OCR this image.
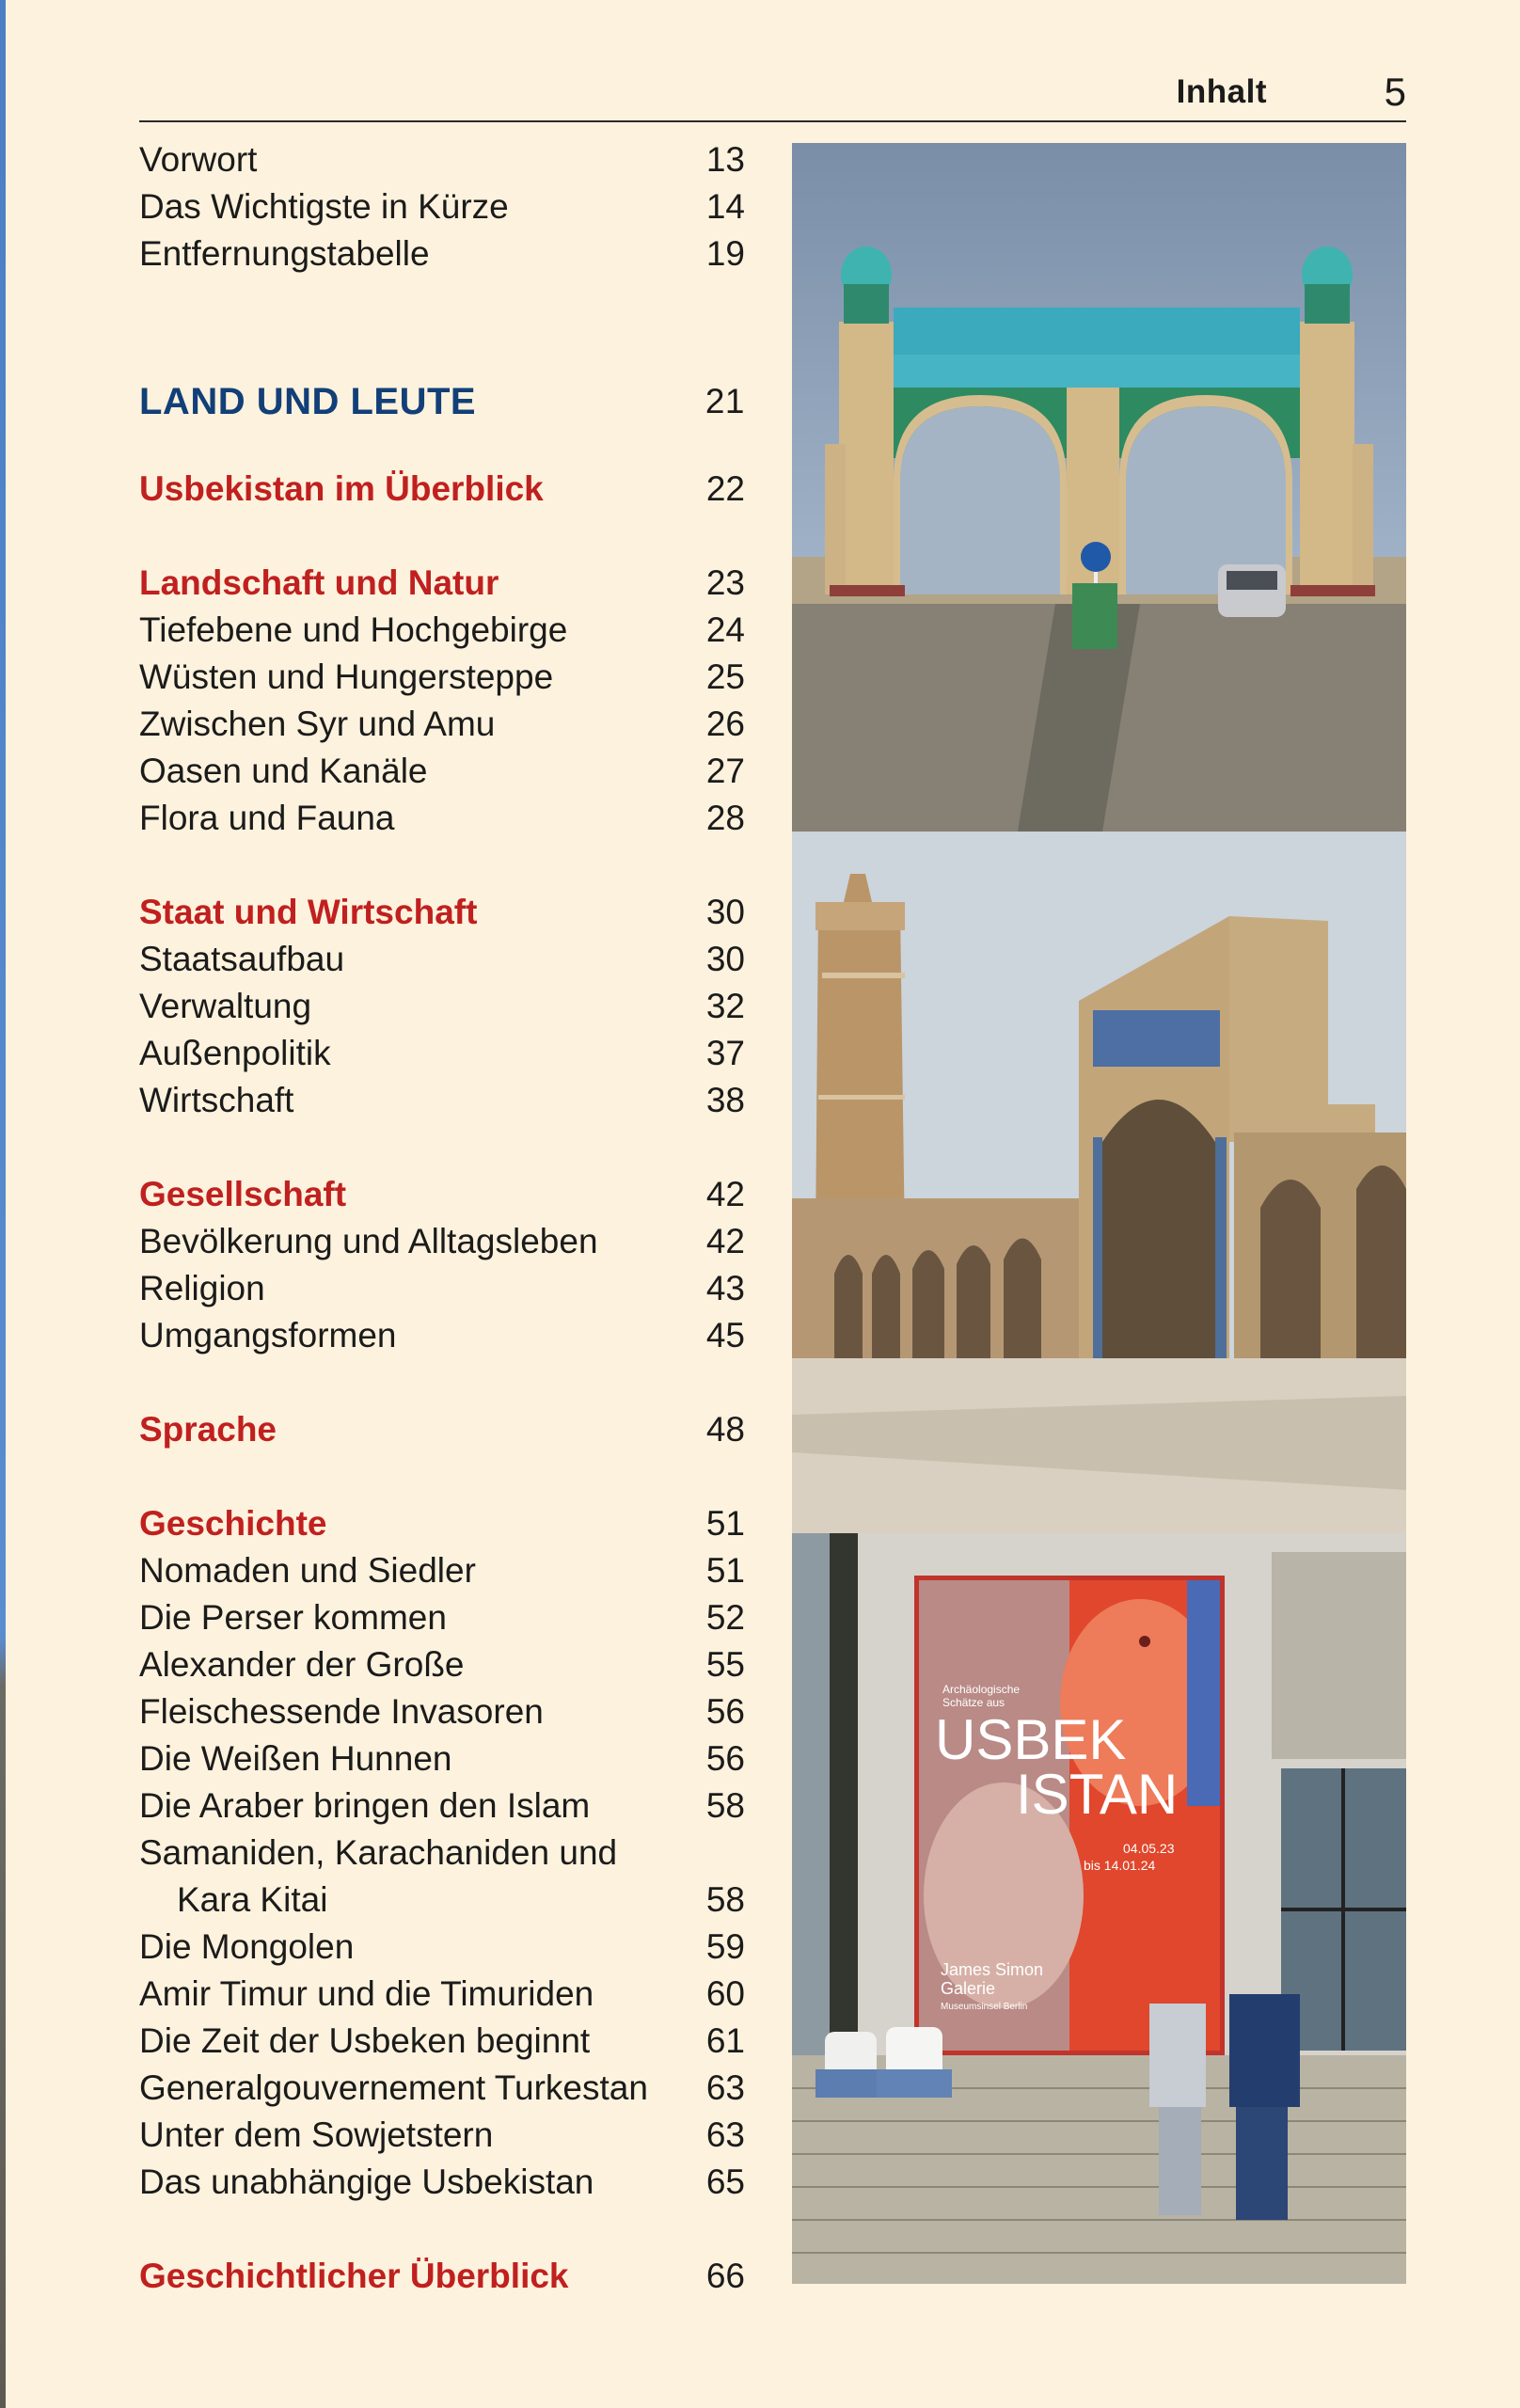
Inhalt	5
Vorwort	13
Das Wichtigste in Kürze	14
Entfernungstabelle	19
LAND UND LEUTE	21
Usbekistan im Überblick	22
Landschaft und Natur	23
Tiefebene und Hochgebirge	24
Wüsten und Hungersteppe	25
Zwischen Syr und Amu	26
Oasen und Kanäle	27
Flora und Fauna	28
Staat und Wirtschaft	30
Staatsaufbau	30
Verwaltung	32
Außenpolitik	37
Wirtschaft	38
Gesellschaft	42
Bevölkerung und Alltagsleben	42
Religion	43
Umgangsformen	45
Sprache	48
Geschichte	51
Nomaden und Siedler	51
Die Perser kommen	52
Alexander der Große	55
Fleischessende Invasoren	56
Die Weißen Hunnen	56
Die Araber bringen den Islam	58
Samaniden, Karachaniden und
Kara Kitai	58
Die Mongolen	59
Amir Timur und die Timuriden	60
Die Zeit der Usbeken beginnt	61
Generalgouvernement Turkestan 63
Unter dem Sowjetstern	63
Das unabhängige Usbekistan	65
Geschichtlicher Überblick	66
Archäologische
Schätze aus
USBEK
ISTAN
04.05.23
bis 14.01.24
James Simon
Galerie
Museumsinsel Berlin
